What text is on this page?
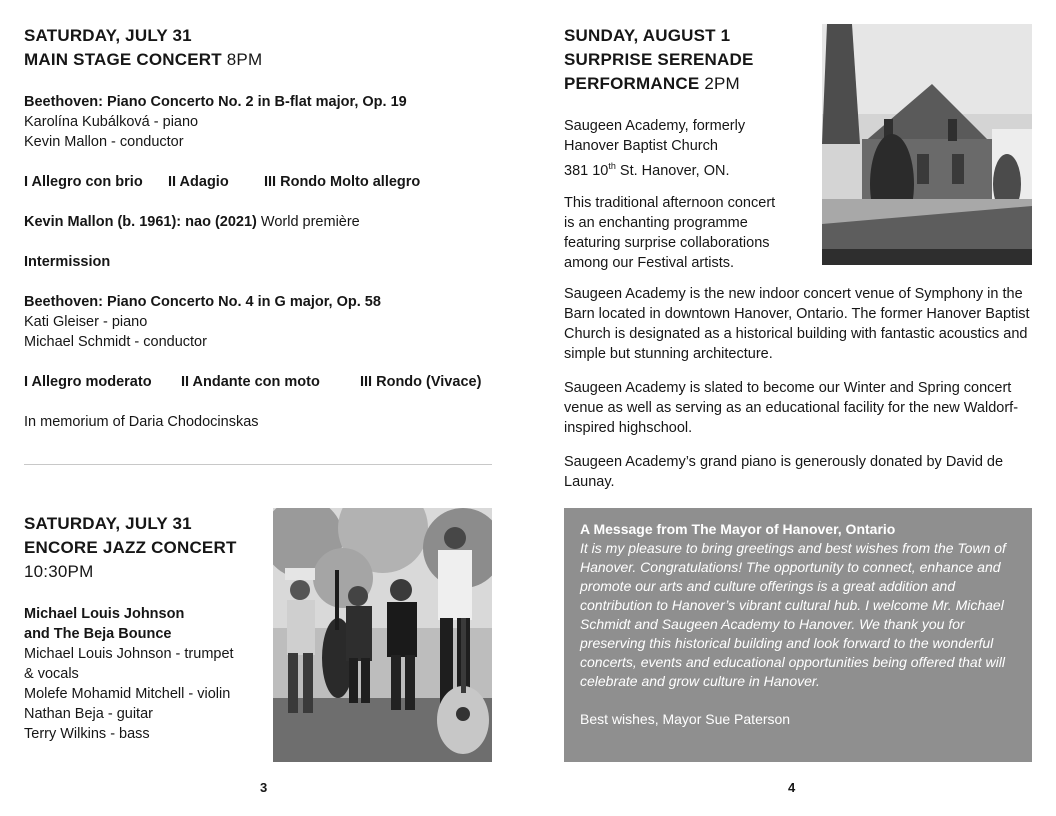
SATURDAY, JULY 31
MAIN STAGE CONCERT 8PM

Beethoven: Piano Concerto No. 2 in B-flat major, Op. 19

Karolína Kubálková - piano

Kevin Mallon - conductor

I Allegro con brio	II Adagio	III Rondo Molto allegro

Kevin Mallon (b. 1961): nao (2021) World première

Intermission

Beethoven: Piano Concerto No. 4 in G major, Op. 58

Kati Gleiser - piano

Michael Schmidt - conductor

I Allegro moderato	II Andante con moto	III Rondo (Vivace)

In memorium of Daria Chodocinskas

SATURDAY, JULY 31
ENCORE JAZZ CONCERT
10:30PM

Michael Louis Johnson

and The Beja Bounce

Michael Louis Johnson - trumpet

& vocals

Molefe Mohamid Mitchell - violin

Nathan Beja - guitar

Terry Wilkins - bass

3
SUNDAY, AUGUST 1
SURPRISE SERENADE
PERFORMANCE 2PM

Saugeen Academy, formerly

Hanover Baptist Church

381 10th St. Hanover, ON.

This traditional afternoon concert

is an enchanting programme

featuring surprise collaborations

among our Festival artists.

Saugeen Academy is the new indoor concert venue of Symphony in the Barn located in downtown Hanover, Ontario. The former Hanover Baptist Church is designated as a historical building with fantastic acoustics and simple but stunning architecture.

Saugeen Academy is slated to become our Winter and Spring concert venue as well as serving as an educational facility for the new Waldorf-inspired highschool.

Saugeen Academy’s grand piano is generously donated by David de Launay.

A Message from The Mayor of Hanover, Ontario
It is my pleasure to bring greetings and best wishes from the Town of Hanover. Congratulations! The opportunity to connect, enhance and promote our arts and culture offerings is a great addition and contribution to Hanover’s vibrant cultural hub. I welcome Mr. Michael Schmidt and Saugeen Academy to Hanover. We thank you for preserving this historical building and look forward to the wonderful concerts, events and educational opportunities being offered that will celebrate and grow culture in Hanover.
Best wishes, Mayor Sue Paterson
4
